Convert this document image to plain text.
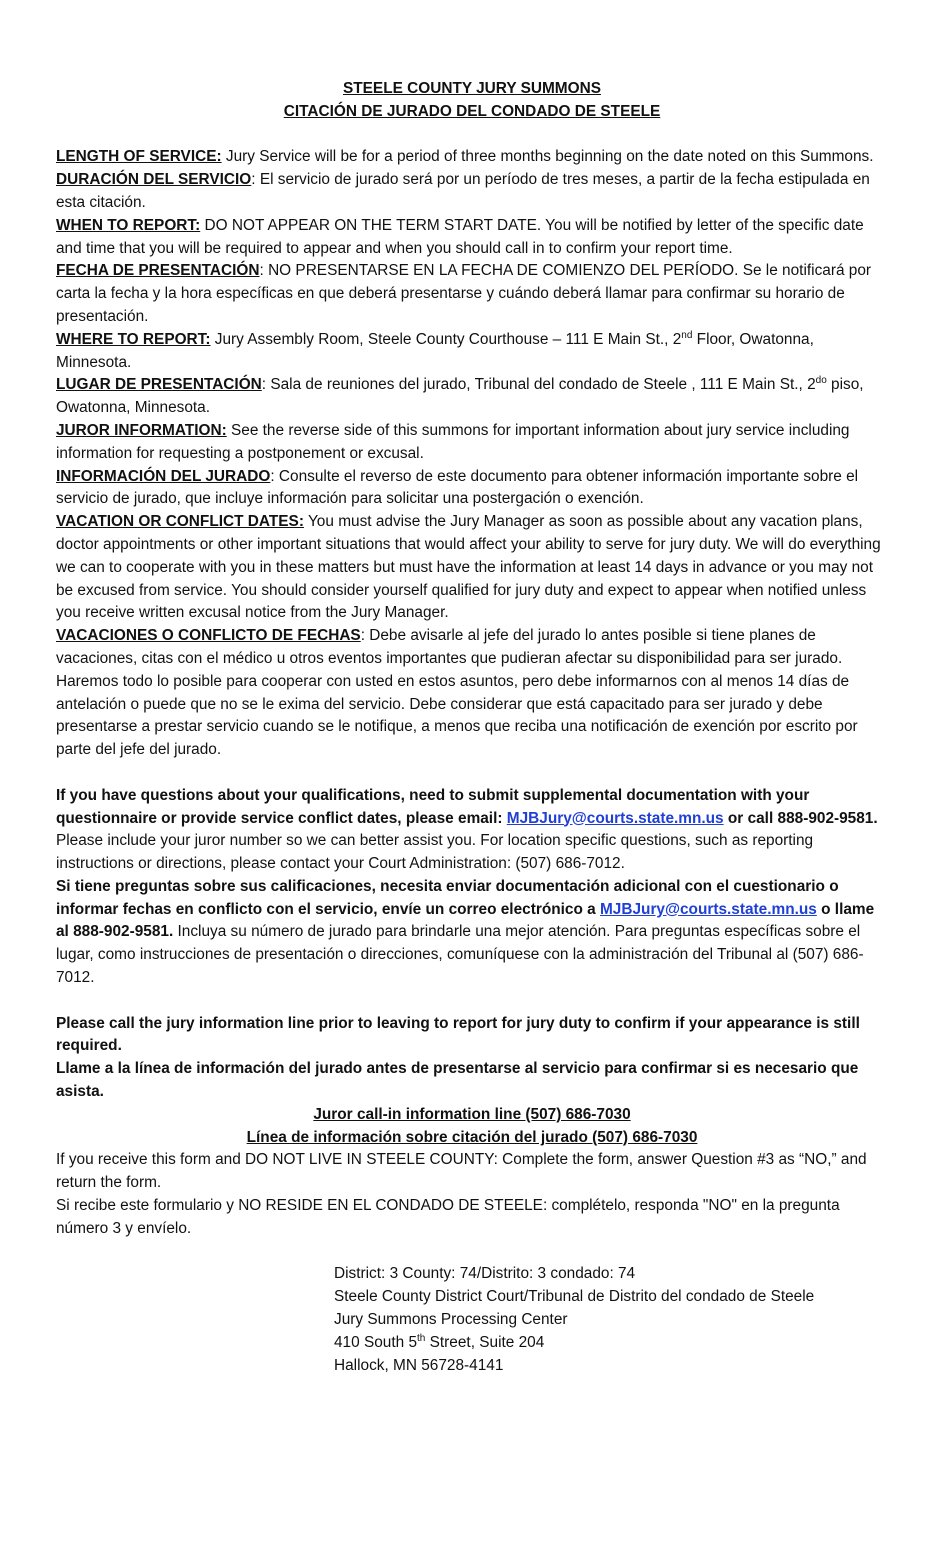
STEELE COUNTY JURY SUMMONS

CITACIÓN DE JURADO DEL CONDADO DE STEELE

LENGTH OF SERVICE: Jury Service will be for a period of three months beginning on the date noted on this Summons.

DURACIÓN DEL SERVICIO: El servicio de jurado será por un período de tres meses, a partir de la fecha estipulada en esta citación.

WHEN TO REPORT: DO NOT APPEAR ON THE TERM START DATE. You will be notified by letter of the specific date and time that you will be required to appear and when you should call in to confirm your report time.

FECHA DE PRESENTACIÓN: NO PRESENTARSE EN LA FECHA DE COMIENZO DEL PERÍODO. Se le notificará por carta la fecha y la hora específicas en que deberá presentarse y cuándo deberá llamar para confirmar su horario de presentación.

WHERE TO REPORT: Jury Assembly Room, Steele County Courthouse – 111 E Main St., 2nd Floor, Owatonna, Minnesota.

LUGAR DE PRESENTACIÓN: Sala de reuniones del jurado, Tribunal del condado de Steele , 111 E Main St., $2^{do}$ piso, Owatonna, Minnesota.

JUROR INFORMATION: See the reverse side of this summons for important information about jury service including information for requesting a postponement or excusal.

INFORMACIÓN DEL JURADO: Consulte el reverso de este documento para obtener información importante sobre el servicio de jurado, que incluye información para solicitar una postergación o exención.

VACATION OR CONFLICT DATES: You must advise the Jury Manager as soon as possible about any vacation plans, doctor appointments or other important situations that would affect your ability to serve for jury duty. We will do everything we can to cooperate with you in these matters but must have the information at least 14 days in advance or you may not be excused from service. You should consider yourself qualified for jury duty and expect to appear when notified unless you receive written excusal notice from the Jury Manager.

VACACIONES O CONFLICTO DE FECHAS: Debe avisarle al jefe del jurado lo antes posible si tiene planes de vacaciones, citas con el médico u otros eventos importantes que pudieran afectar su disponibilidad para ser jurado. Haremos todo lo posible para cooperar con usted en estos asuntos, pero debe informarnos con al menos 14 días de antelación o puede que no se le exima del servicio. Debe considerar que está capacitado para ser jurado y debe presentarse a prestar servicio cuando se le notifique, a menos que reciba una notificación de exención por escrito por parte del jefe del jurado.

If you have questions about your qualifications, need to submit supplemental documentation with your questionnaire or provide service conflict dates, please email: MJBJury@courts.state.mn.us or call 888-902-9581. Please include your juror number so we can better assist you. For location specific questions, such as reporting instructions or directions, please contact your Court Administration: (507) 686-7012.

Si tiene preguntas sobre sus calificaciones, necesita enviar documentación adicional con el cuestionario o informar fechas en conflicto con el servicio, envíe un correo electrónico a MJBJury@courts.state.mn.us o llame al 888-902-9581. Incluya su número de jurado para brindarle una mejor atención. Para preguntas específicas sobre el lugar, como instrucciones de presentación o direcciones, comuníquese con la administración del Tribunal al (507) 686-7012.

Please call the jury information line prior to leaving to report for jury duty to confirm if your appearance is still required.

Llame a la línea de información del jurado antes de presentarse al servicio para confirmar si es necesario que asista.

Juror call-in information line (507) 686-7030

Línea de información sobre citación del jurado (507) 686-7030

If you receive this form and DO NOT LIVE IN STEELE COUNTY: Complete the form, answer Question #3 as “NO,” and return the form.

Si recibe este formulario y NO RESIDE EN EL CONDADO DE STEELE: complételo, responda "NO" en la pregunta número 3 y envíelo.

District: 3 County: 74/Distrito: 3 condado: 74

Steele County District Court/Tribunal de Distrito del condado de Steele

Jury Summons Processing Center

410 South 5th Street, Suite 204

Hallock, MN 56728-4141
